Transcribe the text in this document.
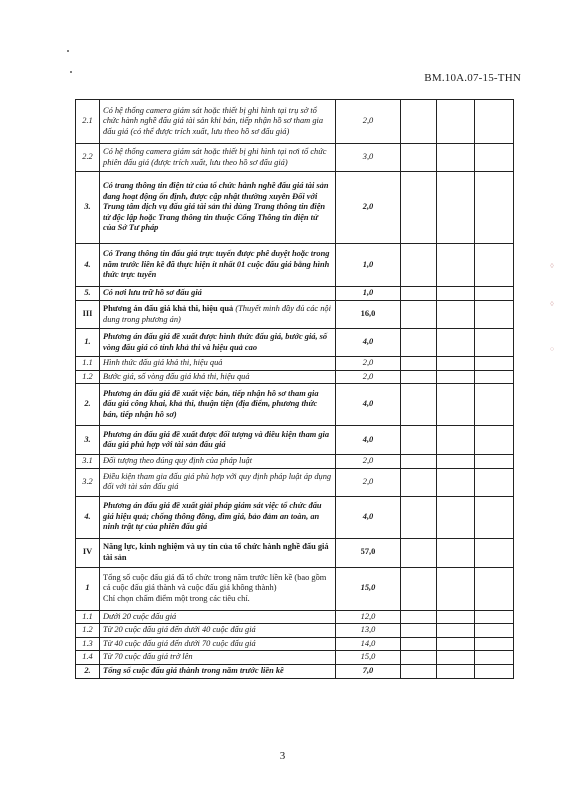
BM.10A.07-15-THN
◊
◊
○
2.1	Có hệ thống camera giám sát hoặc thiết bị ghi hình tại trụ sở tổ chức hành nghề đấu giá tài sản khi bán, tiếp nhận hồ sơ tham gia đấu giá (có thể được trích xuất, lưu theo hồ sơ đấu giá)	2,0			
2.2	Có hệ thống camera giám sát hoặc thiết bị ghi hình tại nơi tổ chức phiên đấu giá (được trích xuất, lưu theo hồ sơ đấu giá)	3,0			
3.	Có trang thông tin điện tử của tổ chức hành nghề đấu giá tài sản đang hoạt động ổn định, được cập nhật thường xuyên Đối với Trung tâm dịch vụ đấu giá tài sản thì dùng Trang thông tin điện tử độc lập hoặc Trang thông tin thuộc Cổng Thông tin điện tử của Sở Tư pháp	2,0			
4.	Có Trang thông tin đấu giá trực tuyến được phê duyệt hoặc trong năm trước liền kề đã thực hiện ít nhất 01 cuộc đấu giá bằng hình thức trực tuyến	1,0			
5.	Có nơi lưu trữ hồ sơ đấu giá	1,0			
III	Phương án đấu giá khả thi, hiệu quả (Thuyết minh đầy đủ các nội dung trong phương án)	16,0			
1.	Phương án đấu giá đề xuất được hình thức đấu giá, bước giá, số vòng đấu giá có tính khả thi và hiệu quả cao	4,0			
1.1	Hình thức đấu giá khả thi, hiệu quả	2,0			
1.2	Bước giá, số vòng đấu giá khả thi, hiệu quả	2,0			
2.	Phương án đấu giá đề xuất việc bán, tiếp nhận hồ sơ tham gia đấu giá công khai, khả thi, thuận tiện (địa điểm, phương thức bán, tiếp nhận hồ sơ)	4,0			
3.	Phương án đấu giá đề xuất được đối tượng và điều kiện tham gia đấu giá phù hợp với tài sản đấu giá	4,0			
3.1	Đối tượng theo đúng quy định của pháp luật	2,0			
3.2	Điều kiện tham gia đấu giá phù hợp với quy định pháp luật áp dụng đối với tài sản đấu giá	2,0			
4.	Phương án đấu giá đề xuất giải pháp giám sát việc tổ chức đấu giá hiệu quả; chống thông đồng, dìm giá, bảo đảm an toàn, an ninh trật tự của phiên đấu giá	4,0			
IV	Năng lực, kinh nghiệm và uy tín của tổ chức hành nghề đấu giá tài sản	57,0			
1	Tổng số cuộc đấu giá đã tổ chức trong năm trước liền kề (bao gồm cả cuộc đấu giá thành và cuộc đấu giá không thành)
Chỉ chọn chấm điểm một trong các tiêu chí.	15,0			
1.1	Dưới 20 cuộc đấu giá	12,0			
1.2	Từ 20 cuộc đấu giá đến dưới 40 cuộc đấu giá	13,0			
1.3	Từ 40 cuộc đấu giá đến dưới 70 cuộc đấu giá	14,0			
1.4	Từ 70 cuộc đấu giá trở lên	15,0			
2.	Tổng số cuộc đấu giá thành trong năm trước liền kề	7,0			
3
